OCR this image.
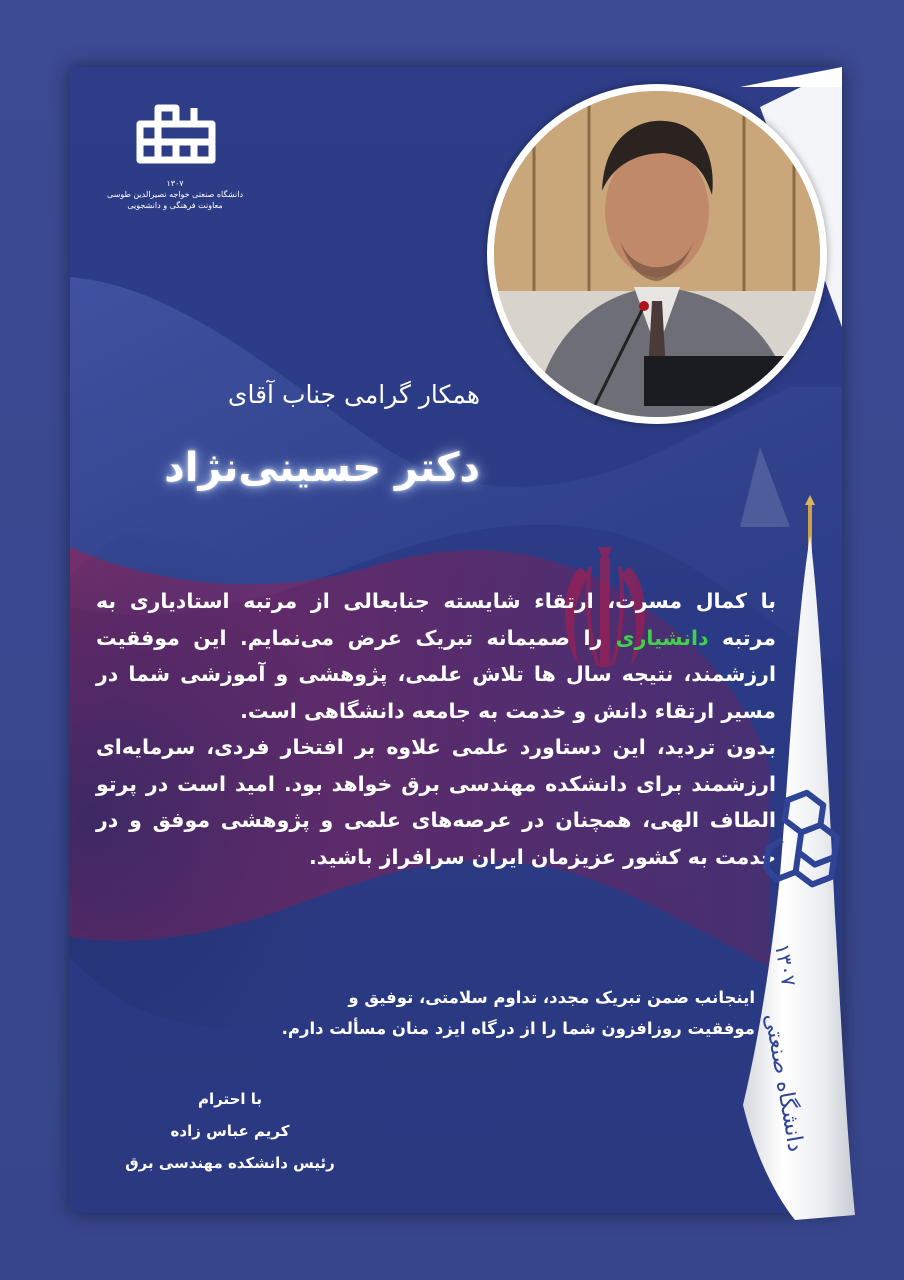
۱۳۰۷
دانشگاه صنعتی خواجه نصیرالدین طوسی
معاونت فرهنگی و دانشجویی
همکار گرامی جناب آقای
دکتر حسینی‌نژاد

با کمال مسرت، ارتقاء شایسته جنابعالی از مرتبه استادیاری به مرتبه دانشیاری را صمیمانه تبریک عرض می‌نمایم. این موفقیت ارزشمند، نتیجه سال ها تلاش علمی، پژوهشی و آموزشی شما در مسیر ارتقاء دانش و خدمت به جامعه دانشگاهی است.

بدون تردید، این دستاورد علمی علاوه بر افتخار فردی، سرمایه‌ای ارزشمند برای دانشکده مهندسی برق خواهد بود. امید است در پرتو الطاف الهی، همچنان در عرصه‌های علمی و پژوهشی موفق و در خدمت به کشور عزیزمان ایران سرافراز باشید.

اینجانب ضمن تبریک مجدد، تداوم سلامتی، توفیق و
موفقیت روزافزون شما را از درگاه ایزد منان مسألت دارم.
با احترام
کریم عباس زاده
رئیس دانشکده مهندسی برق
۱۳۰۷
دانشگاه صنعتی
